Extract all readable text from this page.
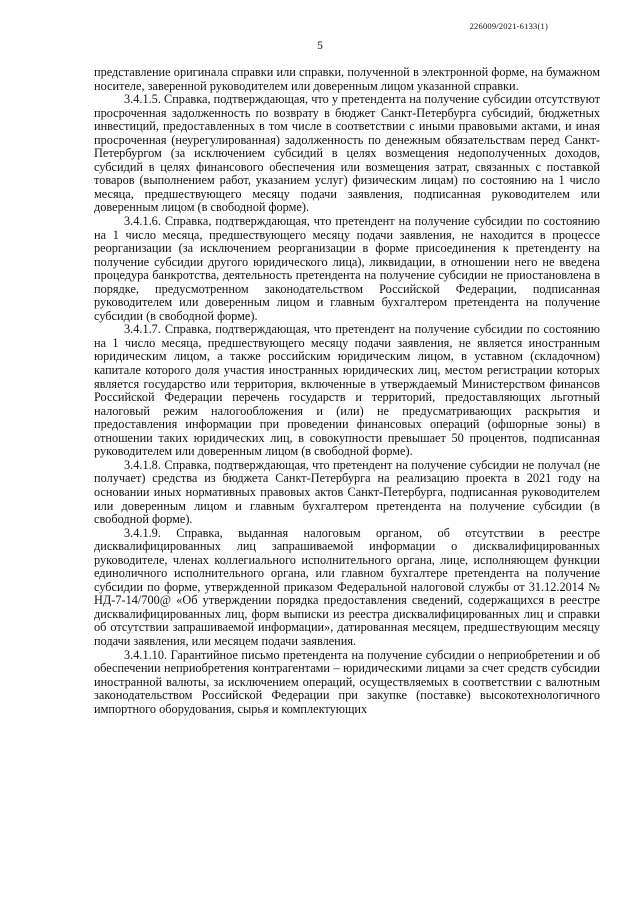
226009/2021-6133(1)
5

представление оригинала справки или справки, полученной в электронной форме, на бумажном носителе, заверенной руководителем или доверенным лицом указанной справки.

3.4.1.5. Справка, подтверждающая, что у претендента на получение субсидии отсутствуют просроченная задолженность по возврату в бюджет Санкт-Петербурга субсидий, бюджетных инвестиций, предоставленных в том числе в соответствии с иными правовыми актами, и иная просроченная (неурегулированная) задолженность по денежным обязательствам перед Санкт-Петербургом (за исключением субсидий в целях возмещения недополученных доходов, субсидий в целях финансового обеспечения или возмещения затрат, связанных с поставкой товаров (выполнением работ, указанием услуг) физическим лицам) по состоянию на 1 число месяца, предшествующего месяцу подачи заявления, подписанная руководителем или доверенным лицом (в свободной форме).

3.4.1.6. Справка, подтверждающая, что претендент на получение субсидии по состоянию на 1 число месяца, предшествующего месяцу подачи заявления, не находится в процессе реорганизации (за исключением реорганизации в форме присоединения к претенденту на получение субсидии другого юридического лица), ликвидации, в отношении него не введена процедура банкротства, деятельность претендента на получение субсидии не приостановлена в порядке, предусмотренном законодательством Российской Федерации, подписанная руководителем или доверенным лицом и главным бухгалтером претендента на получение субсидии (в свободной форме).

3.4.1.7. Справка, подтверждающая, что претендент на получение субсидии по состоянию на 1 число месяца, предшествующего месяцу подачи заявления, не является иностранным юридическим лицом, а также российским юридическим лицом, в уставном (складочном) капитале которого доля участия иностранных юридических лиц, местом регистрации которых является государство или территория, включенные в утверждаемый Министерством финансов Российской Федерации перечень государств и территорий, предоставляющих льготный налоговый режим налогообложения и (или) не предусматривающих раскрытия и предоставления информации при проведении финансовых операций (офшорные зоны) в отношении таких юридических лиц, в совокупности превышает 50 процентов, подписанная руководителем или доверенным лицом (в свободной форме).

3.4.1.8. Справка, подтверждающая, что претендент на получение субсидии не получал (не получает) средства из бюджета Санкт-Петербурга на реализацию проекта в 2021 году на основании иных нормативных правовых актов Санкт-Петербурга, подписанная руководителем или доверенным лицом и главным бухгалтером претендента на получение субсидии (в свободной форме).

3.4.1.9. Справка, выданная налоговым органом, об отсутствии в реестре дисквалифицированных лиц запрашиваемой информации о дисквалифицированных руководителе, членах коллегиального исполнительного органа, лице, исполняющем функции единоличного исполнительного органа, или главном бухгалтере претендента на получение субсидии по форме, утвержденной приказом Федеральной налоговой службы от 31.12.2014 № НД-7-14/700@ «Об утверждении порядка предоставления сведений, содержащихся в реестре дисквалифицированных лиц, форм выписки из реестра дисквалифицированных лиц и справки об отсутствии запрашиваемой информации», датированная месяцем, предшествующим месяцу подачи заявления, или месяцем подачи заявления.

3.4.1.10. Гарантийное письмо претендента на получение субсидии о неприобретении и об обеспечении неприобретения контрагентами – юридическими лицами за счет средств субсидии иностранной валюты, за исключением операций, осуществляемых в соответствии с валютным законодательством Российской Федерации при закупке (поставке) высокотехнологичного импортного оборудования, сырья и комплектующих
